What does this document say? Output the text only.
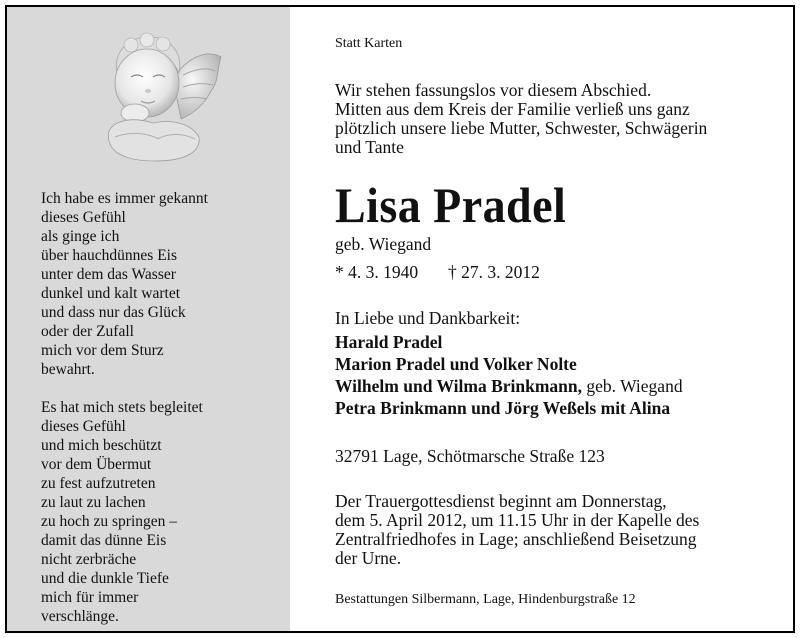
Ich habe es immer gekannt
dieses Gefühl
als ginge ich
über hauchdünnes Eis
unter dem das Wasser
dunkel und kalt wartet
und dass nur das Glück
oder der Zufall
mich vor dem Sturz
bewahrt.
Es hat mich stets begleitet
dieses Gefühl
und mich beschützt
vor dem Übermut
zu fest aufzutreten
zu laut zu lachen
zu hoch zu springen –
damit das dünne Eis
nicht zerbräche
und die dunkle Tiefe
mich für immer
verschlänge.
Statt Karten
Wir stehen fassungslos vor diesem Abschied.
Mitten aus dem Kreis der Familie verließ uns ganz
plötzlich unsere liebe Mutter, Schwester, Schwägerin
und Tante
Lisa Pradel
geb. Wiegand
* 4. 3. 1940 † 27. 3. 2012
In Liebe und Dankbarkeit:
Harald Pradel
Marion Pradel und Volker Nolte
Wilhelm und Wilma Brinkmann, geb. Wiegand
Petra Brinkmann und Jörg Weßels mit Alina
32791 Lage, Schötmarsche Straße 123
Der Trauergottesdienst beginnt am Donnerstag,
dem 5. April 2012, um 11.15 Uhr in der Kapelle des
Zentralfriedhofes in Lage; anschließend Beisetzung
der Urne.
Bestattungen Silbermann, Lage, Hindenburgstraße 12
